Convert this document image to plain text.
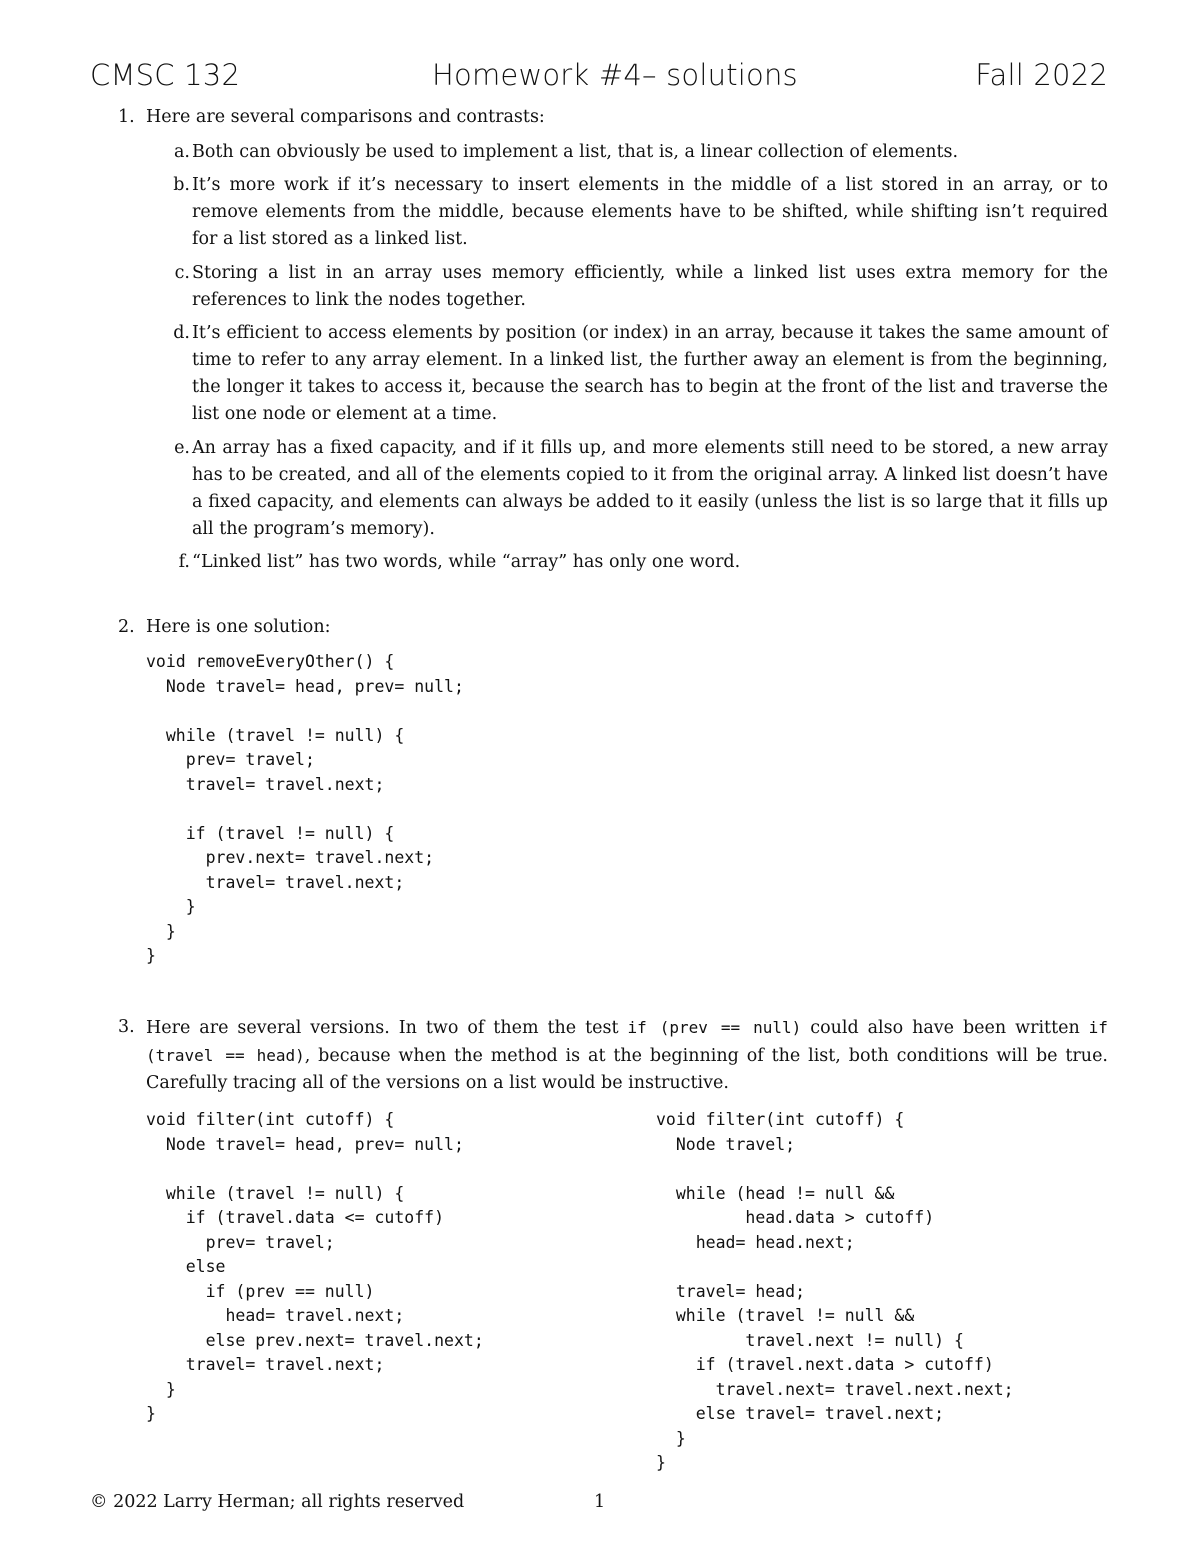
CMSC 132	Homework #4– solutions	Fall 2022
1. Here are several comparisons and contrasts:
a. Both can obviously be used to implement a list, that is, a linear collection of elements.
b. It’s more work if it’s necessary to insert elements in the middle of a list stored in an array, or to remove elements from the middle, because elements have to be shifted, while shifting isn’t required for a list stored as a linked list.
c. Storing a list in an array uses memory efficiently, while a linked list uses extra memory for the references to link the nodes together.
d. It’s efficient to access elements by position (or index) in an array, because it takes the same amount of time to refer to any array element. In a linked list, the further away an element is from the beginning, the longer it takes to access it, because the search has to begin at the front of the list and traverse the list one node or element at a time.
e. An array has a fixed capacity, and if it fills up, and more elements still need to be stored, a new array has to be created, and all of the elements copied to it from the original array. A linked list doesn’t have a fixed capacity, and elements can always be added to it easily (unless the list is so large that it fills up all the program’s memory).
f. “Linked list” has two words, while “array” has only one word.
2. Here is one solution:
void removeEveryOther() {
Node travel= head, prev= null;

while (travel != null) {
prev= travel;
travel= travel.next;

if (travel != null) {
prev.next= travel.next;
travel= travel.next;
}
}
}
3. Here are several versions. In two of them the test if (prev == null) could also have been written if (travel == head), because when the method is at the beginning of the list, both conditions will be true. Carefully tracing all of the versions on a list would be instructive.
void filter(int cutoff) {
Node travel= head, prev= null;

while (travel != null) {
if (travel.data <= cutoff)
prev= travel;
else
if (prev == null)
head= travel.next;
else prev.next= travel.next;
travel= travel.next;
}
}
void filter(int cutoff) {
Node travel;

while (head != null &&
head.data > cutoff)
head= head.next;

travel= head;
while (travel != null &&
travel.next != null) {
if (travel.next.data > cutoff)
travel.next= travel.next.next;
else travel= travel.next;
}
}
© 2022 Larry Herman; all rights reserved	1
